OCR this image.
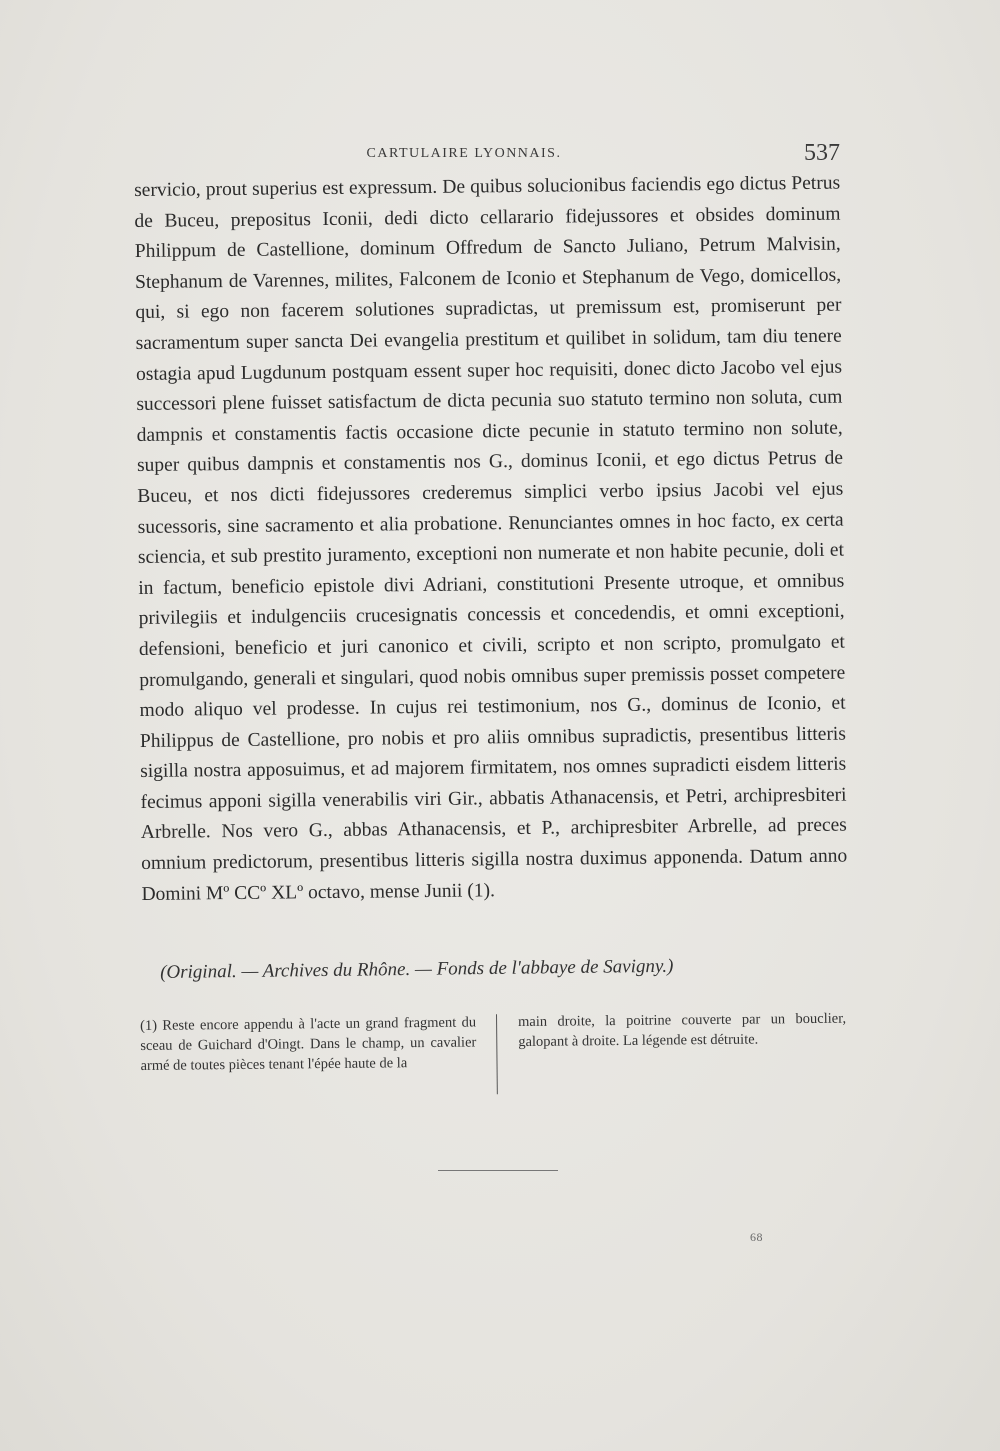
CARTULAIRE LYONNAIS.	537

servicio, prout superius est expressum. De quibus solucionibus faciendis ego dictus Petrus de Buceu, prepositus Iconii, dedi dicto cellarario fidejussores et obsides dominum Philippum de Castellione, dominum Offredum de Sancto Juliano, Petrum Malvisin, Stephanum de Varennes, milites, Falconem de Iconio et Stephanum de Vego, domicellos, qui, si ego non facerem solutiones supradictas, ut premissum est, promiserunt per sacramentum super sancta Dei evangelia prestitum et quilibet in solidum, tam diu tenere ostagia apud Lugdunum postquam essent super hoc requisiti, donec dicto Jacobo vel ejus successori plene fuisset satisfactum de dicta pecunia suo statuto termino non soluta, cum dampnis et constamentis factis occasione dicte pecunie in statuto termino non solute, super quibus dampnis et constamentis nos G., dominus Iconii, et ego dictus Petrus de Buceu, et nos dicti fidejussores crederemus simplici verbo ipsius Jacobi vel ejus sucessoris, sine sacramento et alia probatione. Renunciantes omnes in hoc facto, ex certa sciencia, et sub prestito juramento, exceptioni non numerate et non habite pecunie, doli et in factum, beneficio epistole divi Adriani, constitutioni Presente utroque, et omnibus privilegiis et indulgenciis crucesignatis concessis et concedendis, et omni exceptioni, defensioni, beneficio et juri canonico et civili, scripto et non scripto, promulgato et promulgando, generali et singulari, quod nobis omnibus super premissis posset competere modo aliquo vel prodesse. In cujus rei testimonium, nos G., dominus de Iconio, et Philippus de Castellione, pro nobis et pro aliis omnibus supradictis, presentibus litteris sigilla nostra apposuimus, et ad majorem firmitatem, nos omnes supradicti eisdem litteris fecimus apponi sigilla venerabilis viri Gir., abbatis Athanacensis, et Petri, archipresbiteri Arbrelle. Nos vero G., abbas Athanacensis, et P., archipresbiter Arbrelle, ad preces omnium predictorum, presentibus litteris sigilla nostra duximus apponenda. Datum anno Domini Mº CCº XLº octavo, mense Junii (1).

(Original. — Archives du Rhône. — Fonds de l'abbaye de Savigny.)
(1) Reste encore appendu à l'acte un grand fragment du sceau de Guichard d'Oingt. Dans le champ, un cavalier armé de toutes pièces tenant l'épée haute de la
main droite, la poitrine couverte par un bouclier, galopant à droite. La légende est détruite.
68
